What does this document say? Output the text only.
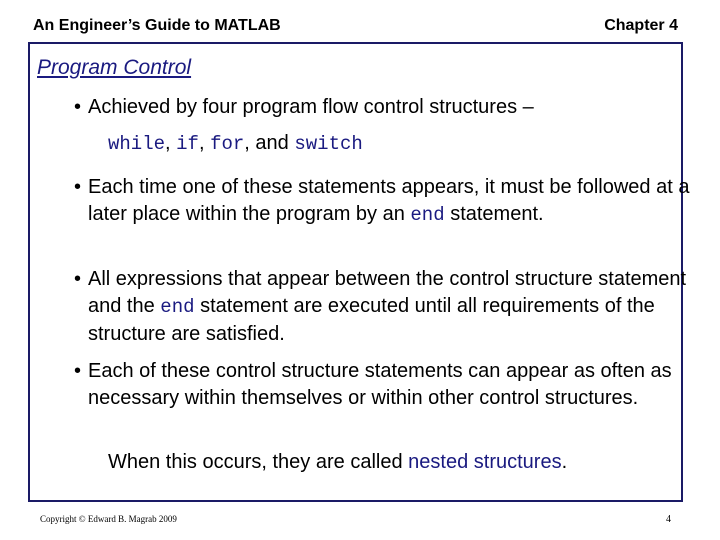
An Engineer’s Guide to MATLAB	Chapter 4
Program Control
• Achieved by four program flow control structures –
while, if, for, and switch
• Each time one of these statements appears, it must be followed at a later place within the program by an end statement.
• All expressions that appear between the control structure statement and the end statement are executed until all requirements of the structure are satisfied.
• Each of these control structure statements can appear as often as necessary within themselves or within other control structures.
When this occurs, they are called nested structures.
Copyright © Edward B. Magrab 2009	4
